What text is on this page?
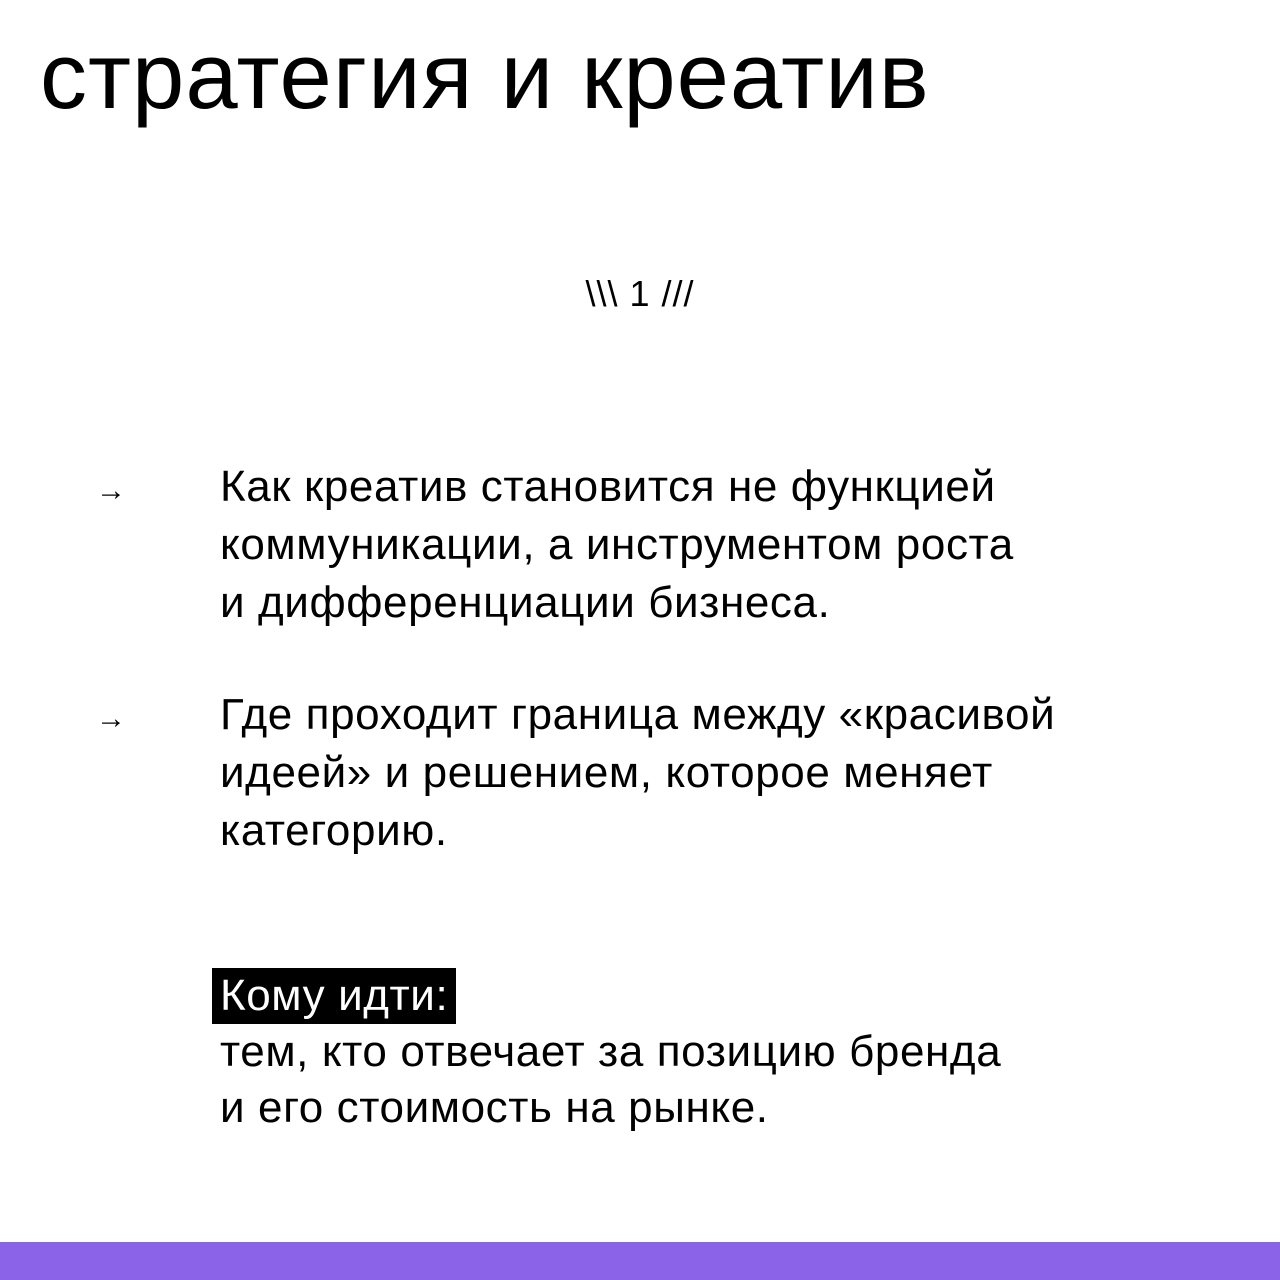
стратегия и креатив
\\\ 1 ///
→ Как креатив становится не функцией
коммуникации, а инструментом роста
и дифференциации бизнеса.

→ Где проходит граница между «красивой
идеей» и решением, которое меняет
категорию.

Кому идти:

тем, кто отвечает за позицию бренда
и его стоимость на рынке.
